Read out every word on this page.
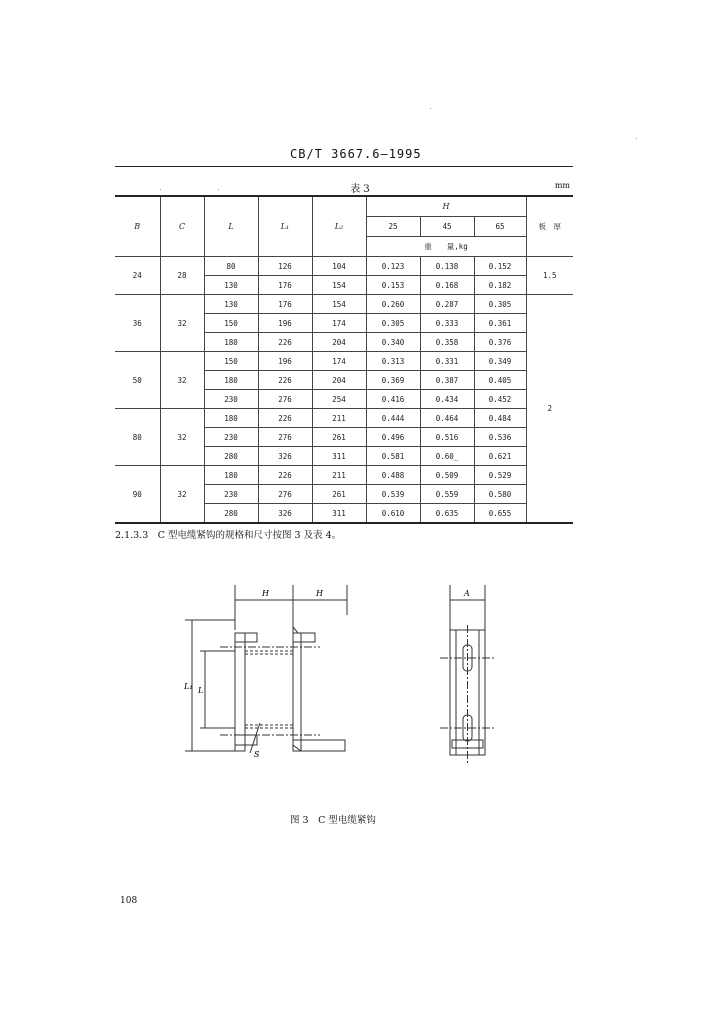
CB/T 3667.6—1995
表 3	mm
B	C	L	L₁	L₂	H			板　厚
					25	45	65	
					重　　量,kg			
24	28	80	126	104	0.123	0.138	0.152	1.5
		130	176	154	0.153	0.168	0.182	
36	32	130	176	154	0.260	0.287	0.305	2
		150	196	174	0.305	0.333	0.361	
		180	226	204	0.340	0.358	0.376	
50	32	150	196	174	0.313	0.331	0.349	
		180	226	204	0.369	0.387	0.405	
		230	276	254	0.416	0.434	0.452	
80	32	180	226	211	0.444	0.464	0.484	
		230	276	261	0.496	0.516	0.536	
		280	326	311	0.581	0.60_	0.621	
90	32	180	226	211	0.488	0.509	0.529	
		230	276	261	0.539	0.559	0.580	
		280	326	311	0.610	0.635	0.655	
2.1.3.3　C 型电缆紧钩的规格和尺寸按图 3 及表 4。
H	H
L₁ L
S
A
图 3　C 型电缆紧钩
108
